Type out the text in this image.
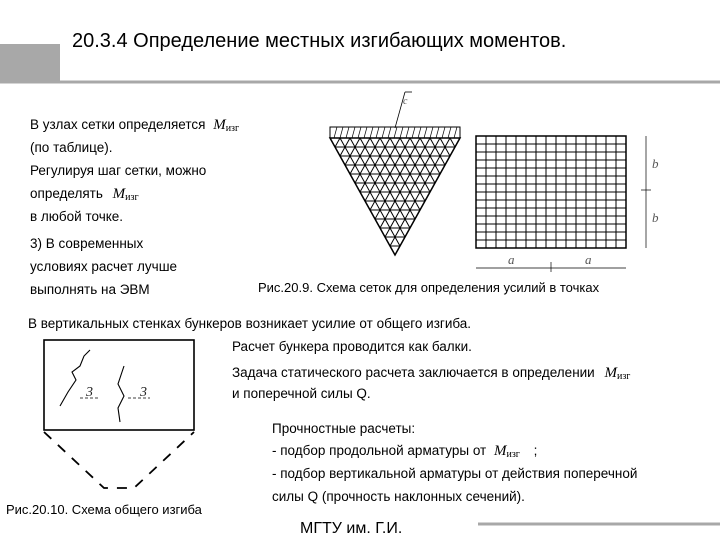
20.3.4 Определение местных изгибающих моментов.
В узлах сетки определяется $M_{изг}$
(по таблице).
Регулируя шаг сетки, можно
определять $M_{изг}$
в любой точке.
3) В современных
условиях расчет лучше
выполнять на ЭВМ
c
a	a
b
b
Рис.20.9. Схема сеток для определения усилий в точках
В вертикальных стенках бункеров возникает усилие от общего изгиба.
Расчет бункера проводится как балки.
Задача статического расчета заключается в определении $M_{изг}$
и поперечной силы Q.
Прочностные расчеты:
- подбор продольной арматуры от $M_{изг}$ ;
- подбор вертикальной арматуры от действия поперечной
силы Q (прочность наклонных сечений).
3	3
Рис.20.10. Схема общего изгиба
МГТУ им. Г.И.
